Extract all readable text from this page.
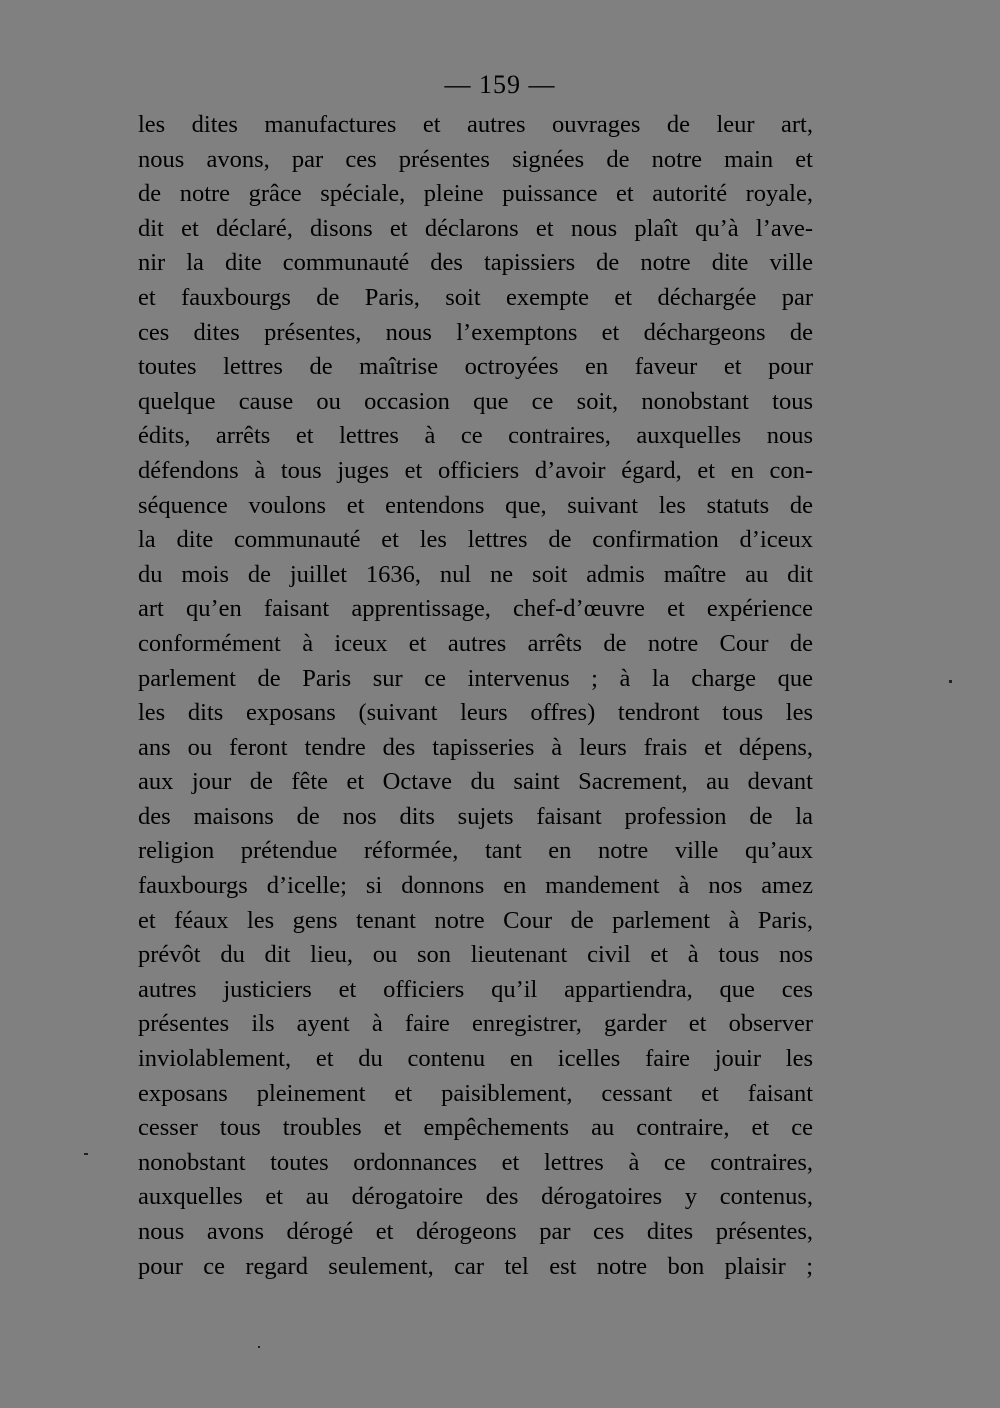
— 159 —
les dites manufactures et autres ouvrages de leur art,
nous avons, par ces présentes signées de notre main et
de notre grâce spéciale, pleine puissance et autorité royale,
dit et déclaré, disons et déclarons et nous plaît qu’à l’ave-
nir la dite communauté des tapissiers de notre dite ville
et fauxbourgs de Paris, soit exempte et déchargée par
ces dites présentes, nous l’exemptons et déchargeons de
toutes lettres de maîtrise octroyées en faveur et pour
quelque cause ou occasion que ce soit, nonobstant tous
édits, arrêts et lettres à ce contraires, auxquelles nous
défendons à tous juges et officiers d’avoir égard, et en con-
séquence voulons et entendons que, suivant les statuts de
la dite communauté et les lettres de confirmation d’iceux
du mois de juillet 1636, nul ne soit admis maître au dit
art qu’en faisant apprentissage, chef-d’œuvre et expérience
conformément à iceux et autres arrêts de notre Cour de
parlement de Paris sur ce intervenus ; à la charge que
les dits exposans (suivant leurs offres) tendront tous les
ans ou feront tendre des tapisseries à leurs frais et dépens,
aux jour de fête et Octave du saint Sacrement, au devant
des maisons de nos dits sujets faisant profession de la
religion prétendue réformée, tant en notre ville qu’aux
fauxbourgs d’icelle; si donnons en mandement à nos amez
et féaux les gens tenant notre Cour de parlement à Paris,
prévôt du dit lieu, ou son lieutenant civil et à tous nos
autres justiciers et officiers qu’il appartiendra, que ces
présentes ils ayent à faire enregistrer, garder et observer
inviolablement, et du contenu en icelles faire jouir les
exposans pleinement et paisiblement, cessant et faisant
cesser tous troubles et empêchements au contraire, et ce
nonobstant toutes ordonnances et lettres à ce contraires,
auxquelles et au dérogatoire des dérogatoires y contenus,
nous avons dérogé et dérogeons par ces dites présentes,
pour ce regard seulement, car tel est notre bon plaisir ;
